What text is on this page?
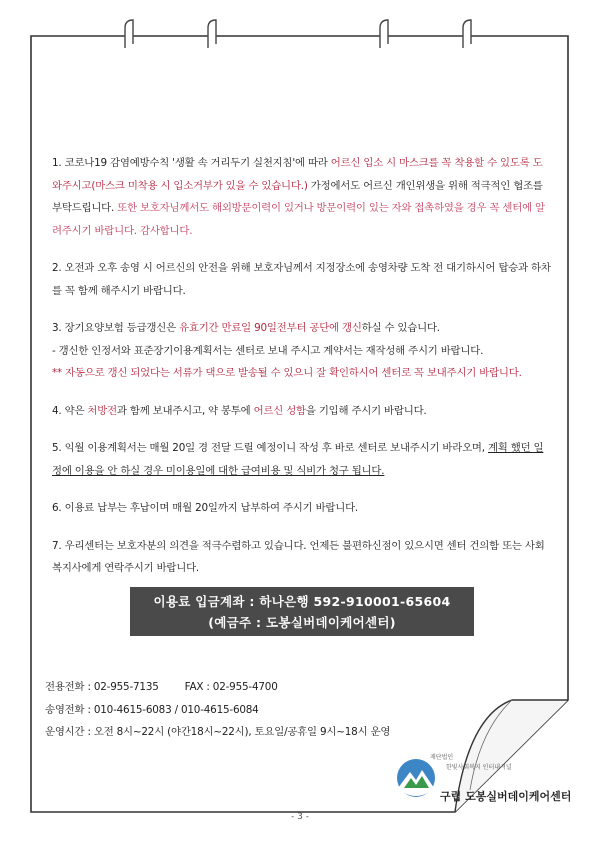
1. 코로나19 감염예방수칙 '생활 속 거리두기 실천지침'에 따라 어르신 입소 시 마스크를 꼭 착용할 수 있도록 도와주시고(마스크 미착용 시 입소거부가 있을 수 있습니다.) 가정에서도 어르신 개인위생을 위해 적극적인 협조를 부탁드립니다. 또한 보호자님께서도 해외방문이력이 있거나 방문이력이 있는 자와 접촉하였을 경우 꼭 센터에 알려주시기 바랍니다. 감사합니다.
2. 오전과 오후 송영 시 어르신의 안전을 위해 보호자님께서 지정장소에 송영차량 도착 전 대기하시어 탑승과 하차를 꼭 함께 해주시기 바랍니다.
3. 장기요양보험 등급갱신은 유효기간 만료일 90일전부터 공단에 갱신하실 수 있습니다.
- 갱신한 인정서와 표준장기이용계획서는 센터로 보내 주시고 계약서는 재작성해 주시기 바랍니다.
** 자동으로 갱신 되었다는 서류가 댁으로 발송될 수 있으니 잘 확인하시어 센터로 꼭 보내주시기 바랍니다.
4. 약은 처방전과 함께 보내주시고, 약 봉투에 어르신 성함을 기입해 주시기 바랍니다.
5. 익월 이용계획서는 매월 20일 경 전달 드릴 예정이니 작성 후 바로 센터로 보내주시기 바라오며, 계획 했던 일정에 이용을 안 하실 경우 미이용일에 대한 급여비용 및 식비가 청구 됩니다.
6. 이용료 납부는 후납이며 매월 20일까지 납부하여 주시기 바랍니다.
7. 우리센터는 보호자분의 의견을 적극수렴하고 있습니다. 언제든 불편하신점이 있으시면 센터 건의함 또는 사회복지사에게 연락주시기 바랍니다.
이용료 입금계좌 : 하나은행 592-910001-65604
(예금주 : 도봉실버데이케어센터)
전용전화 : 02-955-7135	FAX : 02-955-4700
송영전화 : 010-4615-6083 / 010-4615-6084
운영시간 : 오전 8시~22시 (야간18시~22시), 토요일/공휴일 9시~18시 운영
재단법인
한빛사회복지 인터내셔널
구립 도봉실버데이케어센터
- 3 -
